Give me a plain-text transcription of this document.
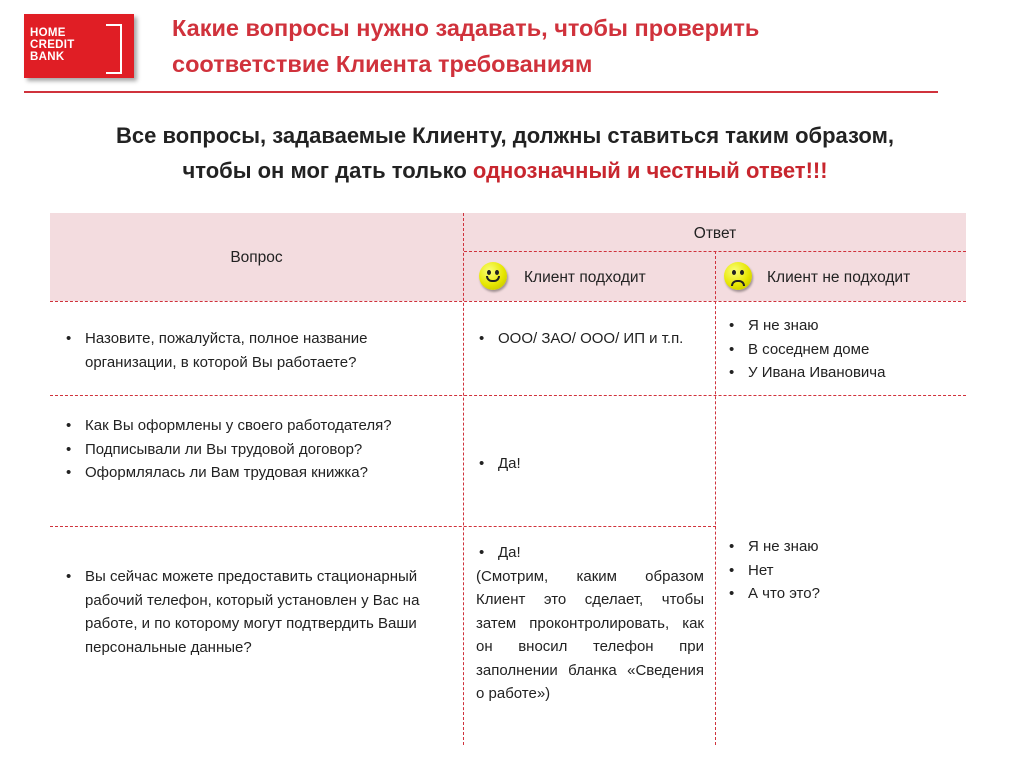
HOME
CREDIT
BANK
Какие вопросы нужно задавать, чтобы проверить
соответствие Клиента требованиям
Все вопросы, задаваемые Клиенту, должны ставиться таким образом,
чтобы он мог дать только однозначный и честный ответ!!!
Вопрос
Ответ
Клиент подходит	Клиент не подходит
• Назовите, пожалуйста, полное название организации, в которой Вы работаете?
• ООО/ ЗАО/ ООО/ ИП и т.п.
• Я не знаю
• В соседнем доме
• У Ивана Ивановича
• Как Вы оформлены у своего работодателя?
• Подписывали ли Вы трудовой договор?
• Оформлялась ли Вам трудовая книжка?
• Да!
• Вы сейчас можете предоставить стационарный рабочий телефон, который установлен у Вас на работе, и по которому могут подтвердить Ваши персональные данные?
• Да!
(Смотрим, каким образом Клиент это сделает, чтобы затем проконтролировать, как он вносил телефон при заполнении бланка «Сведения о работе»)
• Я не знаю
• Нет
• А что это?
